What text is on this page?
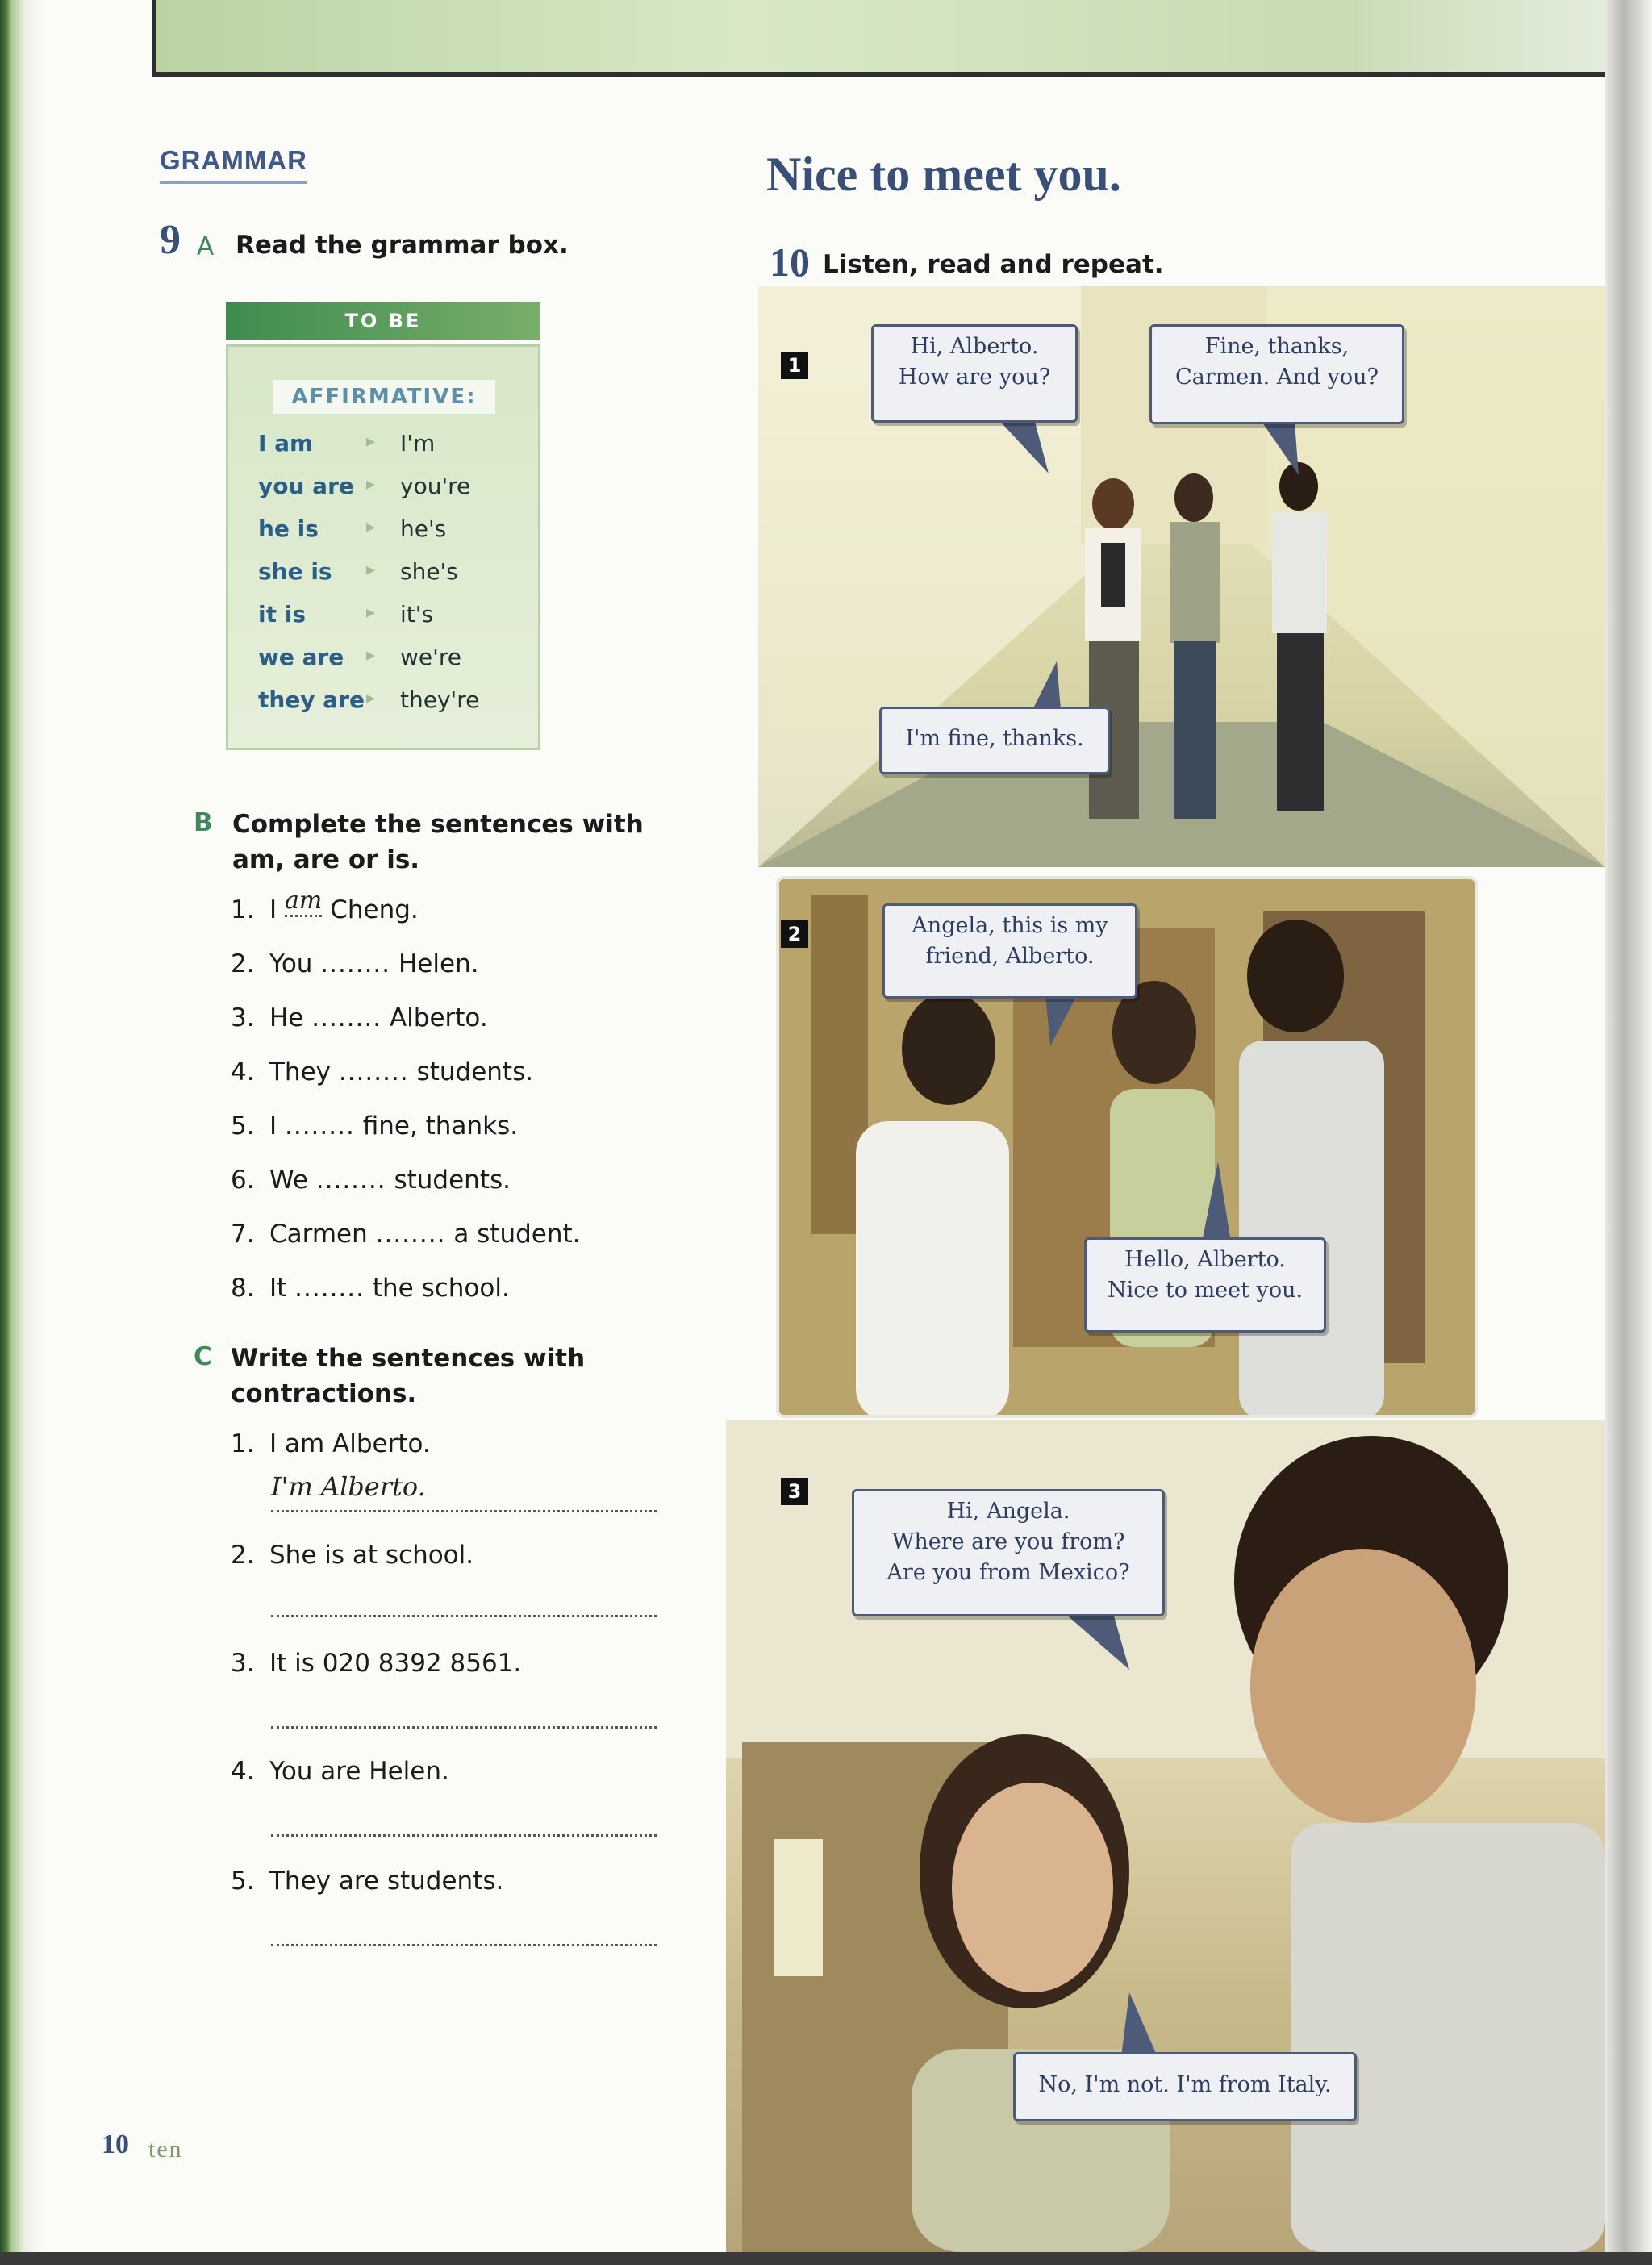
GRAMMAR
9 A Read the grammar box.
TO BE
AFFIRMATIVE:
I am	▸ I'm
you are ▸ you're
he is	▸ he's
she is ▸ she's
it is	▸ it's
we are ▸ we're
they are ▸ they're
B Complete the sentences with am, are or is.
1. I am Cheng.
2. You ........ Helen.
3. He ........ Alberto.
4. They ........ students.
5. I ........ fine, thanks.
6. We ........ students.
7. Carmen ........ a student.
8. It ........ the school.
C Write the sentences with contractions.
1. I am Alberto.
I'm Alberto.
2. She is at school.
3. It is 020 8392 8561.
4. You are Helen.
5. They are students.
10 ten
Nice to meet you.
10 Listen, read and repeat.
1
Hi, Alberto.
How are you?
Fine, thanks,
Carmen. And you?
I'm fine, thanks.
2	Angela, this is my
friend, Alberto.
Hello, Alberto.
Nice to meet you.
3
Hi, Angela.
Where are you from?
Are you from Mexico?
No, I'm not. I'm from Italy.
